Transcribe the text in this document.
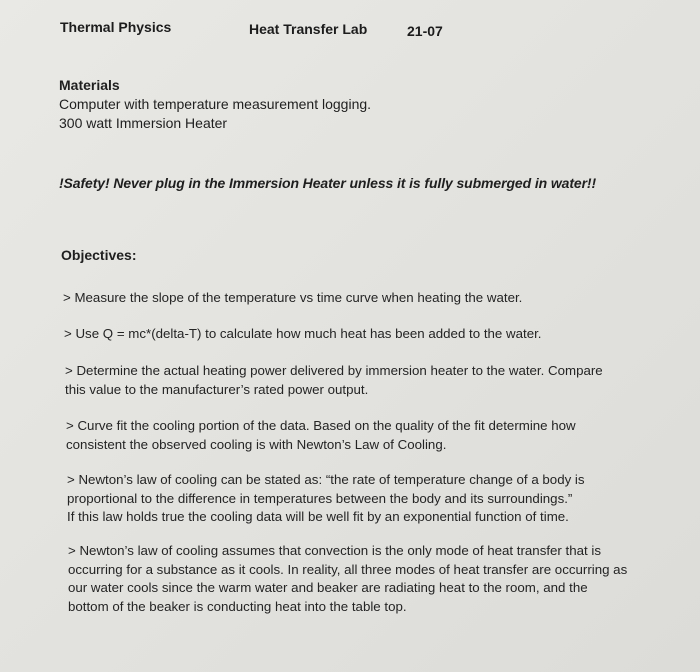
Thermal Physics	Heat Transfer Lab	21-07
Materials
Computer with temperature measurement logging.
300 watt Immersion Heater
!Safety! Never plug in the Immersion Heater unless it is fully submerged in water!!
Objectives:

> Measure the slope of the temperature vs time curve when heating the water.

> Use Q = mc*(delta-T) to calculate how much heat has been added to the water.

> Determine the actual heating power delivered by immersion heater to the water. Compare

this value to the manufacturer’s rated power output.

> Curve fit the cooling portion of the data. Based on the quality of the fit determine how

consistent the observed cooling is with Newton’s Law of Cooling.

> Newton’s law of cooling can be stated as: “the rate of temperature change of a body is

proportional to the difference in temperatures between the body and its surroundings.”

If this law holds true the cooling data will be well fit by an exponential function of time.

> Newton’s law of cooling assumes that convection is the only mode of heat transfer that is

occurring for a substance as it cools. In reality, all three modes of heat transfer are occurring as

our water cools since the warm water and beaker are radiating heat to the room, and the

bottom of the beaker is conducting heat into the table top.
